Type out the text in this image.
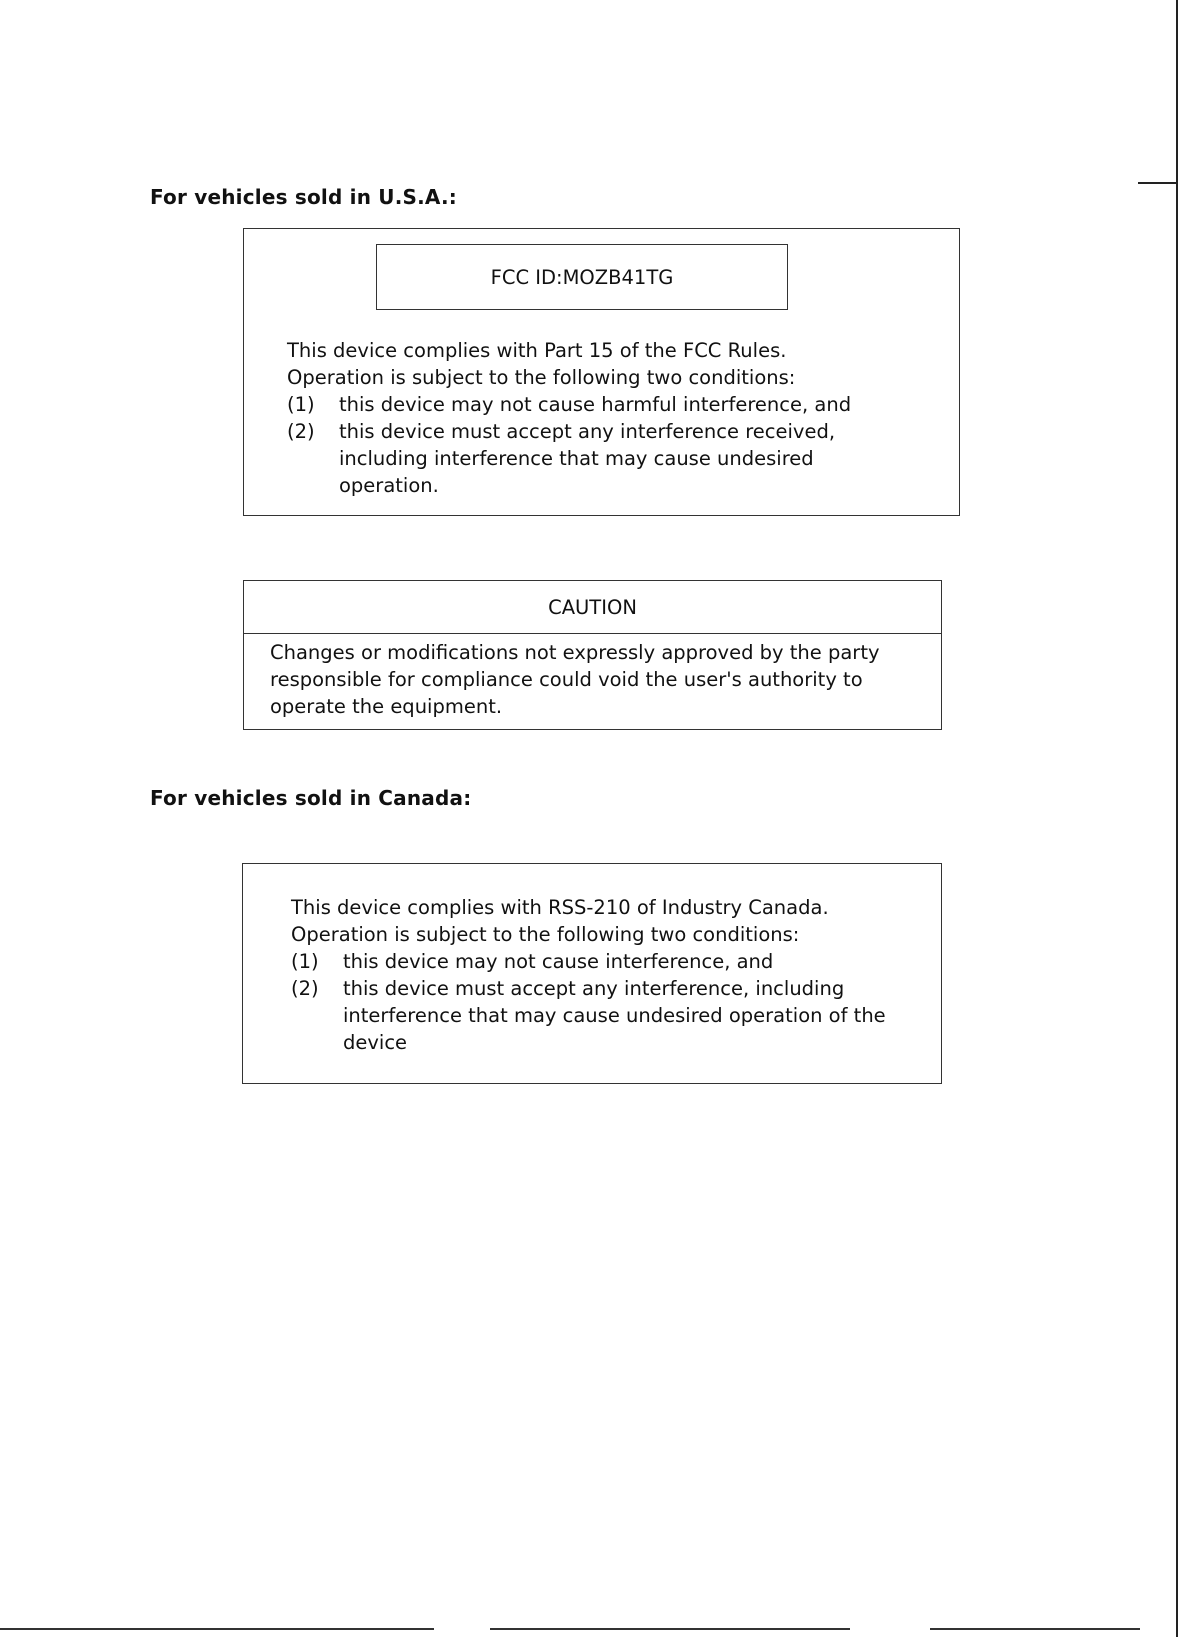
For vehicles sold in U.S.A.:
FCC ID:MOZB41TG
This device complies with Part 15 of the FCC Rules.
Operation is subject to the following two conditions:
(1)	this device may not cause harmful interference, and
(2)	this device must accept any interference received,
including interference that may cause undesired
operation.
CAUTION
Changes or modifications not expressly approved by the party
responsible for compliance could void the user's authority to
operate the equipment.
For vehicles sold in Canada:
This device complies with RSS-210 of Industry Canada.
Operation is subject to the following two conditions:
(1)	this device may not cause interference, and
(2)	this device must accept any interference, including
interference that may cause undesired operation of the
device
